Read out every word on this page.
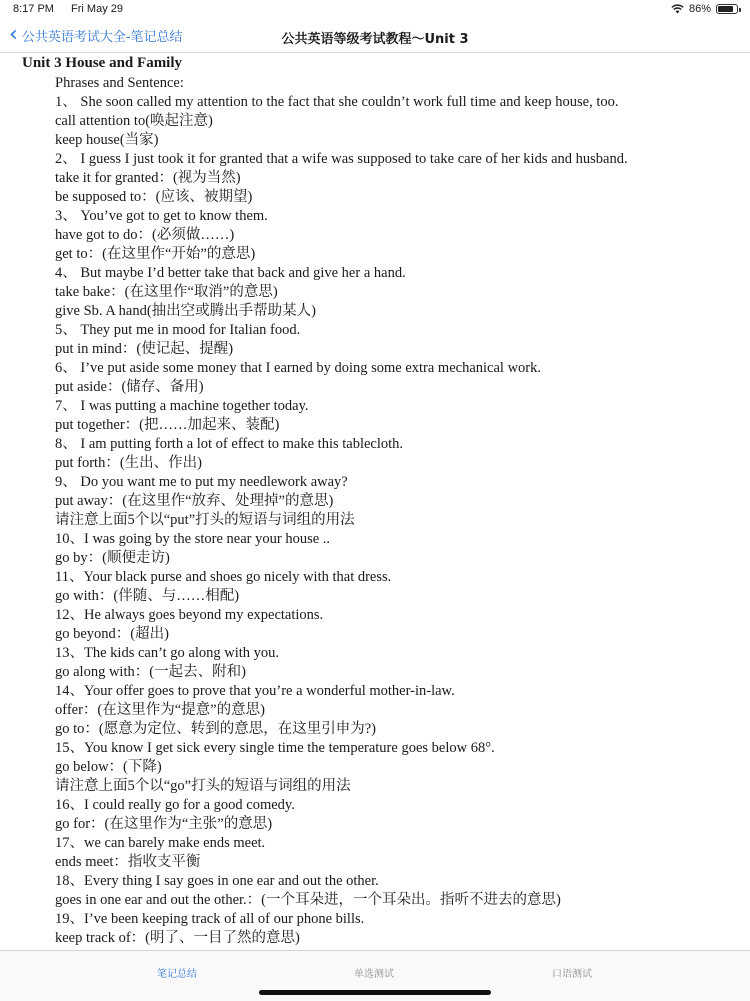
8:17 PM Fri May 29	86%
‹ 公共英语考试大全-笔记总结	公共英语等级考试教程～Unit 3
Unit 3 House and Family
Phrases and Sentence:
1、 She soon called my attention to the fact that she couldn’t work full time and keep house, too.
call attention to(唤起注意)
keep house(当家)
2、 I guess I just took it for granted that a wife was supposed to take care of her kids and husband.
take it for granted：(视为当然)
be supposed to：(应该、被期望)
3、 You’ve got to get to know them.
have got to do：(必须做……)
get to：(在这里作“开始”的意思)
4、 But maybe I’d better take that back and give her a hand.
take bake：(在这里作“取消”的意思)
give Sb. A hand(抽出空或腾出手帮助某人)
5、 They put me in mood for Italian food.
put in mind：(使记起、提醒)
6、 I’ve put aside some money that I earned by doing some extra mechanical work.
put aside：(储存、备用)
7、 I was putting a machine together today.
put together：(把……加起来、装配)
8、 I am putting forth a lot of effect to make this tablecloth.
put forth：(生出、作出)
9、 Do you want me to put my needlework away?
put away：(在这里作“放弃、处理掉”的意思)
请注意上面5个以“put”打头的短语与词组的用法
10、I was going by the store near your house ..
go by：(顺便走访)
11、Your black purse and shoes go nicely with that dress.
go with：(伴随、与……相配)
12、He always goes beyond my expectations.
go beyond：(超出)
13、The kids can’t go along with you.
go along with：(一起去、附和)
14、Your offer goes to prove that you’re a wonderful mother-in-law.
offer：(在这里作为“提意”的意思)
go to：(愿意为定位、转到的意思，在这里引申为?)
15、You know I get sick every single time the temperature goes below 68°.
go below：(下降)
请注意上面5个以“go”打头的短语与词组的用法
16、I could really go for a good comedy.
go for：(在这里作为“主张”的意思)
17、we can barely make ends meet.
ends meet：指收支平衡
18、Every thing I say goes in one ear and out the other.
goes in one ear and out the other.：(一个耳朵进，一个耳朵出。指听不进去的意思)
19、I’ve been keeping track of all of our phone bills.
keep track of：(明了、一目了然的意思)
笔记总结	单选测试	口语测试
